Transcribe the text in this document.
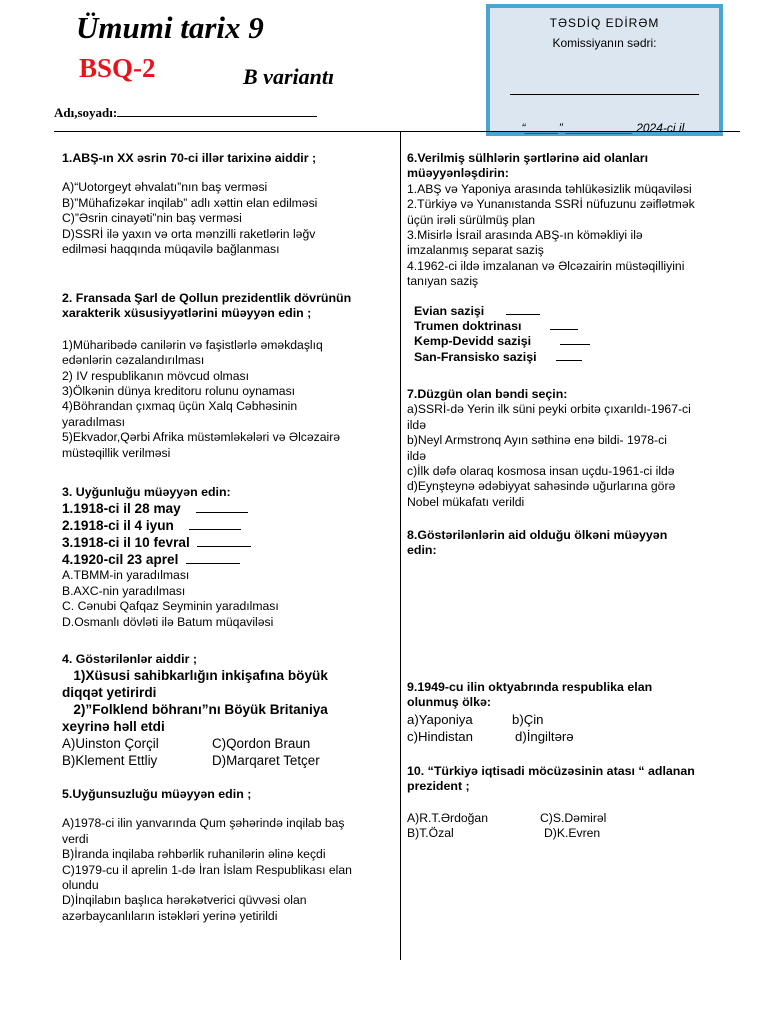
Ümumi tarix 9
BSQ-2	B variantı
Adı,soyadı:
TƏSDİQ EDİRƏM
Komissiyanın sədri:
“_____” __________ 2024-ci il.
1.ABŞ-ın XX əsrin 70-ci illər tarixinə aiddir ;
A)“Uotorgeyt əhvalatı”nın baş verməsi
B)”Mühafizəkar inqilab” adlı xəttin elan edilməsi
C)”Əsrin cinayəti”nin baş verməsi
D)SSRİ ilə yaxın və orta mənzilli raketlərin ləğv
edilməsi haqqında müqavilə bağlanması
2. Fransada Şarl de Qollun prezidentlik dövrünün
xarakterik xüsusiyyətlərini müəyyən edin ;
1)Müharibədə canilərin və faşistlərlə əməkdaşlıq
edənlərin cəzalandırılması
2) IV respublikanın mövcud olması
3)Ölkənin dünya kreditoru rolunu oynaması
4)Böhrandan çıxmaq üçün Xalq Cəbhəsinin
yaradılması
5)Ekvador,Qərbi Afrika müstəmləkələri və Əlcəzairə
müstəqillik verilməsi
3. Uyğunluğu müəyyən edin:
1.1918-ci il 28 may
2.1918-ci il 4 iyun
3.1918-ci il 10 fevral
4.1920-cil 23 aprel
A.TBMM-in yaradılması
B.AXC-nin yaradılması
C. Cənubi Qafqaz Seyminin yaradılması
D.Osmanlı dövləti ilə Batum müqaviləsi
4. Göstərilənlər aiddir ;
1)Xüsusi sahibkarlığın inkişafına böyük
diqqət yetirirdi
2)”Folklend böhranı”nı Böyük Britaniya
xeyrinə həll etdi
A)Uinston Çorçil	C)Qordon Braun
B)Klement Ettliy	D)Marqaret Tetçer
5.Uyğunsuzluğu müəyyən edin ;
A)1978-ci ilin yanvarında Qum şəhərində inqilab baş
verdi
B)İranda inqilaba rəhbərlik ruhanilərin əlinə keçdi
C)1979-cu il aprelin 1-də İran İslam Respublikası elan
olundu
D)İnqilabın başlıca hərəkətverici qüvvəsi olan
azərbaycanlıların istəkləri yerinə yetirildi
6.Verilmiş sülhlərin şərtlərinə aid olanları
müəyyənləşdirin:
1.ABŞ və Yaponiya arasında təhlükəsizlik müqaviləsi
2.Türkiyə və Yunanıstanda SSRİ nüfuzunu zəiflətmək
üçün irəli sürülmüş plan
3.Misirlə İsrail arasında ABŞ-ın köməkliyi ilə
imzalanmış separat saziş
4.1962-ci ildə imzalanan və Əlcəzairin müstəqilliyini
tanıyan saziş
Evian sazişi
Trumen doktrinası
Kemp-Devidd sazişi
San-Fransisko sazişi
7.Düzgün olan bəndi seçin:
a)SSRİ-də Yerin ilk süni peyki orbitə çıxarıldı-1967-ci
ildə
b)Neyl Armstronq Ayın səthinə enə bildi- 1978-ci
ildə
c)İlk dəfə olaraq kosmosa insan uçdu-1961-ci ildə
d)Eynşteynə ədəbiyyat sahəsində uğurlarına görə
Nobel mükafatı verildi
8.Göstərilənlərin aid olduğu ölkəni müəyyən
edin:
9.1949-cu ilin oktyabrında respublika elan
olunmuş ölkə:
a)Yaponiya	b)Çin
c)Hindistan	d)İngiltərə
10. “Türkiyə iqtisadi möcüzəsinin atası “ adlanan
prezident ;
A)R.T.Ərdoğan	C)S.Dəmirəl
B)T.Özal	D)K.Evren
